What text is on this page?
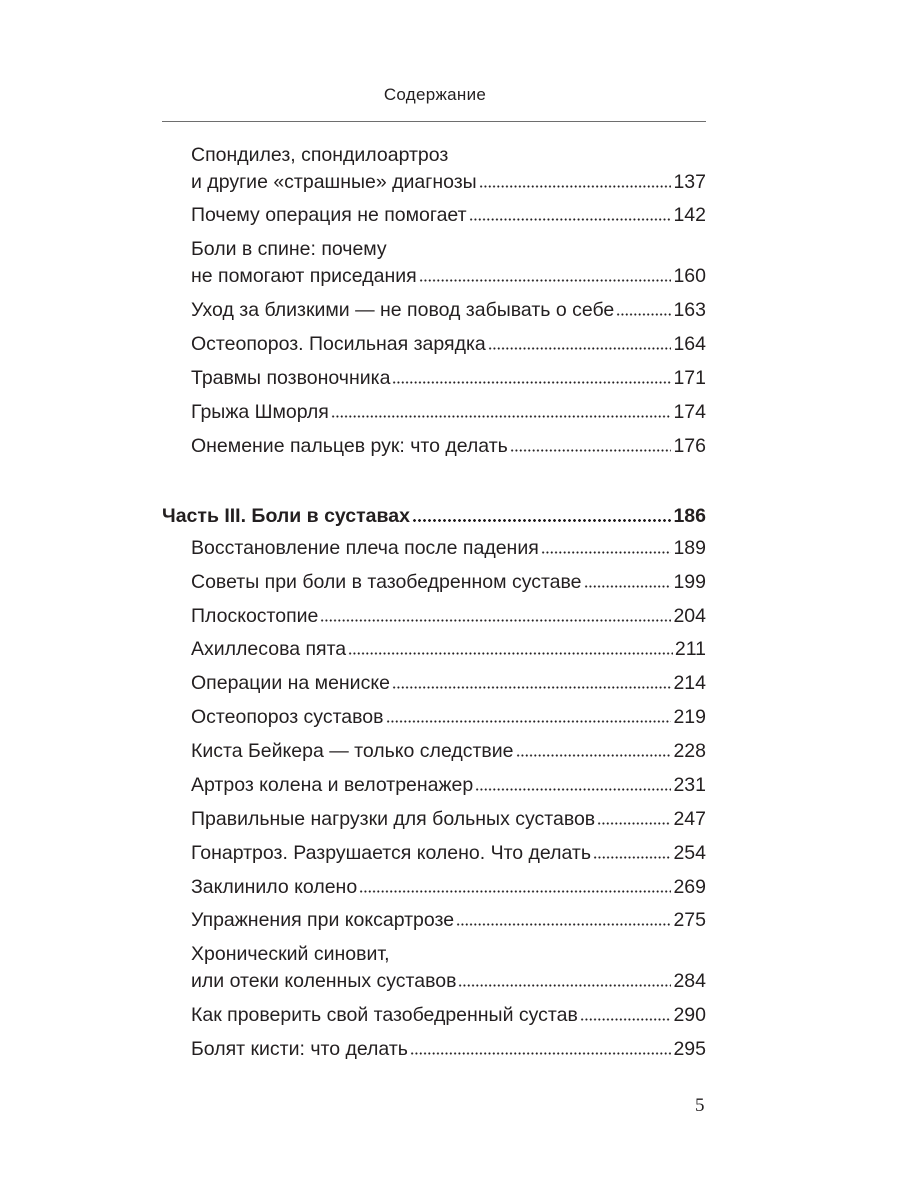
Содержание
Спондилез, спондилоартроз
и другие «страшные» диагнозы	137
Почему операция не помогает	142
Боли в спине: почему
не помогают приседания	160
Уход за близкими — не повод забывать о себе	163
Остеопороз. Посильная зарядка	164
Травмы позвоночника	171
Грыжа Шморля	174
Онемение пальцев рук: что делать	176
Часть III. Боли в суставах	186
Восстановление плеча после падения	189
Советы при боли в тазобедренном суставе	199
Плоскостопие	204
Ахиллесова пята	211
Операции на мениске	214
Остеопороз суставов	219
Киста Бейкера — только следствие	228
Артроз колена и велотренажер	231
Правильные нагрузки для больных суставов	247
Гонартроз. Разрушается колено. Что делать	254
Заклинило колено	269
Упражнения при коксартрозе	275
Хронический синовит,
или отеки коленных суставов	284
Как проверить свой тазобедренный сустав	290
Болят кисти: что делать	295
5
